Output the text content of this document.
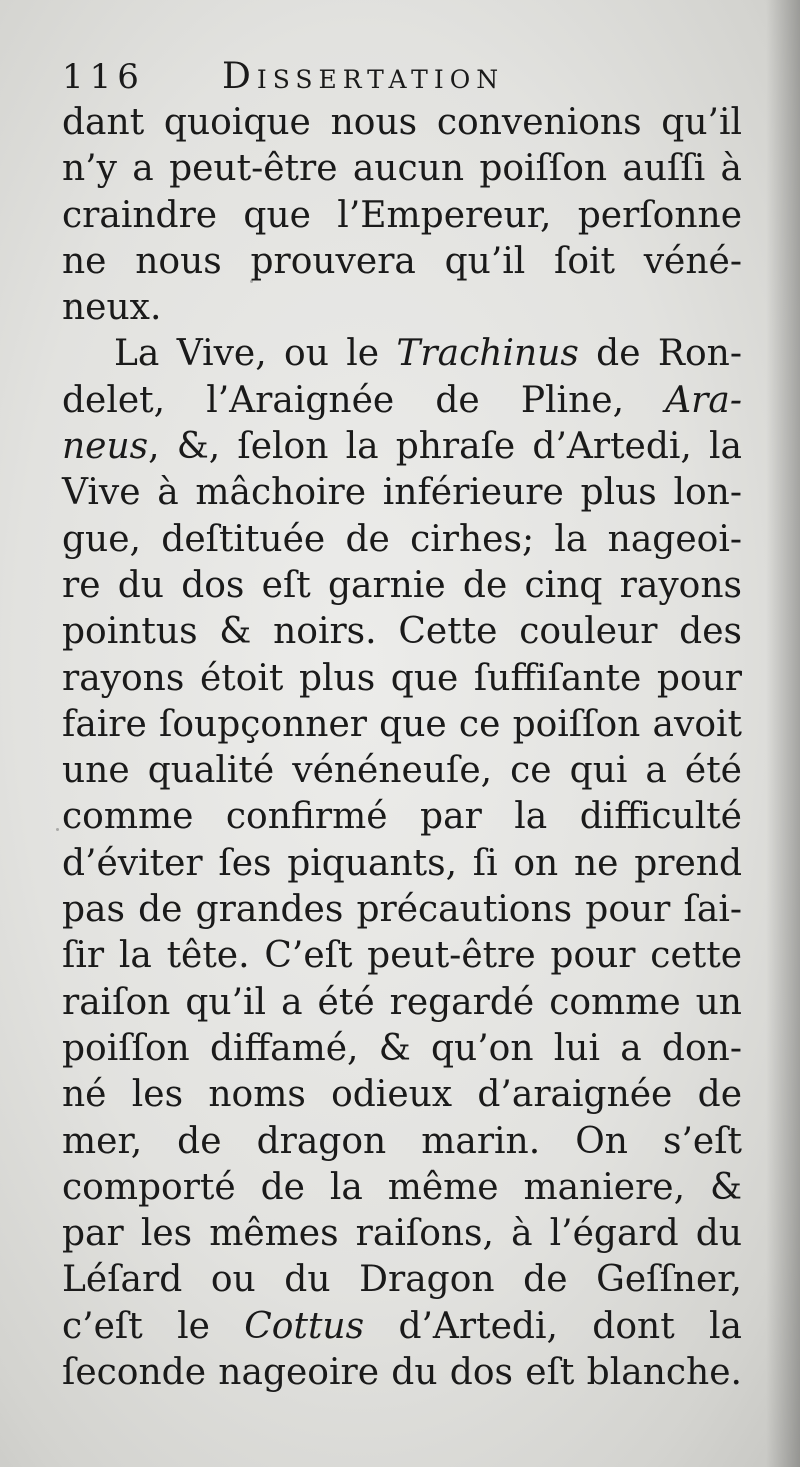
116 Dissertation
dant quoique nous convenions qu’il
n’y a peut-être aucun poiſſon auſſi à
craindre que l’Empereur, perſonne
ne nous prouvera qu’il ſoit véné-
neux.
La Vive, ou le Trachinus de Ron-
delet, l’Araignée de Pline, Ara-
neus, &, ſelon la phraſe d’Artedi, la
Vive à mâchoire inférieure plus lon-
gue, deſtituée de cirhes; la nageoi-
re du dos eſt garnie de cinq rayons
pointus & noirs. Cette couleur des
rayons étoit plus que ſuffiſante pour
faire ſoupçonner que ce poiſſon avoit
une qualité vénéneuſe, ce qui a été
comme confirmé par la difficulté
d’éviter ſes piquants, ſi on ne prend
pas de grandes précautions pour ſai-
ſir la tête. C’eſt peut-être pour cette
raiſon qu’il a été regardé comme un
poiſſon diffamé, & qu’on lui a don-
né les noms odieux d’araignée de
mer, de dragon marin. On s’eſt
comporté de la même maniere, &
par les mêmes raiſons, à l’égard du
Léſard ou du Dragon de Geſſner,
c’eſt le Cottus d’Artedi, dont la
ſeconde nageoire du dos eſt blanche.
